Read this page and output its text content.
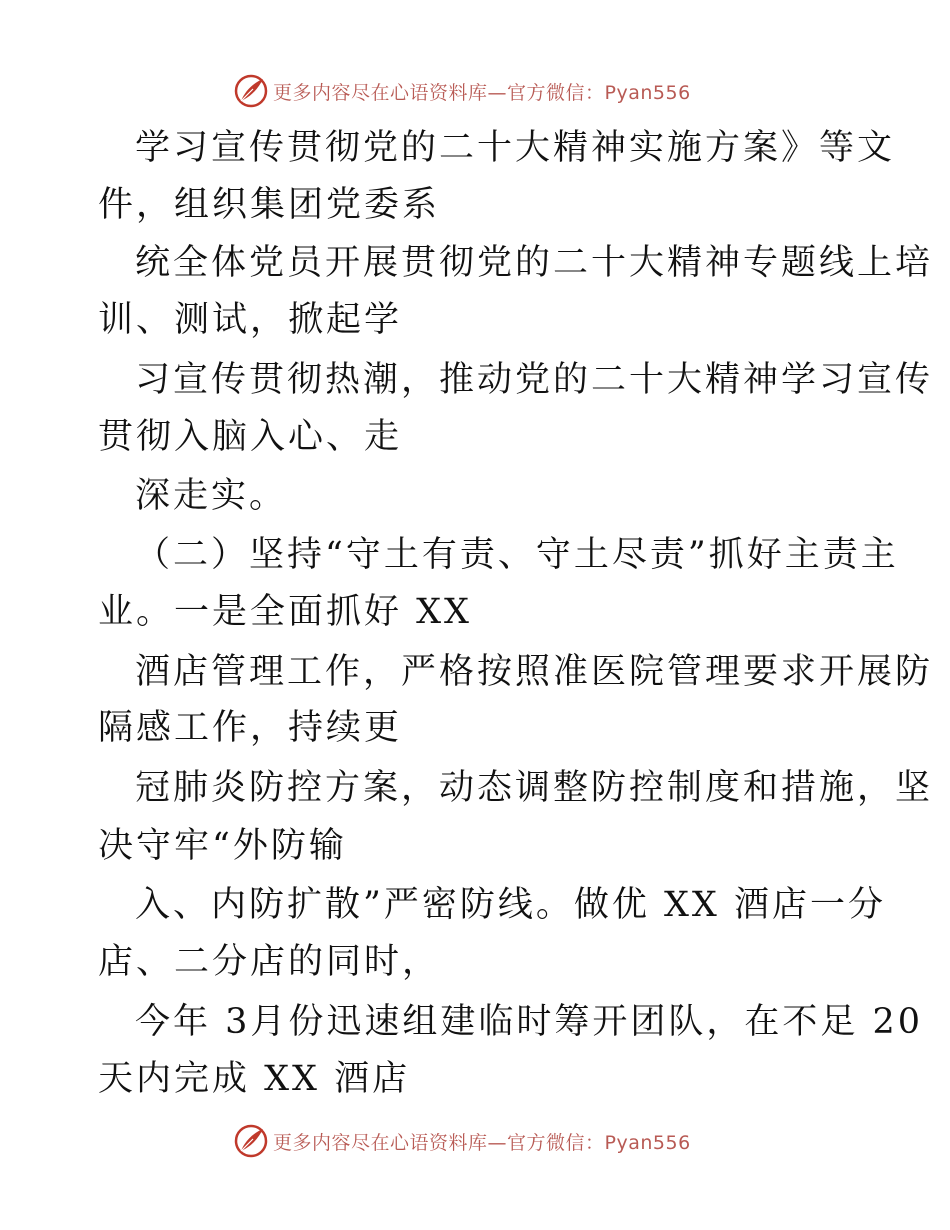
更多内容尽在心语资料库—官方微信：Pyan556
学习宣传贯彻党的二十大精神实施方案》等文
件，组织集团党委系
统全体党员开展贯彻党的二十大精神专题线上培
训、测试，掀起学
习宣传贯彻热潮，推动党的二十大精神学习宣传
贯彻入脑入心、走
深走实。
（二）坚持“守土有责、守土尽责”抓好主责主
业。一是全面抓好 XX
酒店管理工作，严格按照准医院管理要求开展防
隔感工作，持续更
冠肺炎防控方案，动态调整防控制度和措施，坚
决守牢“外防输
入、内防扩散”严密防线。做优 XX 酒店一分
店、二分店的同时，
今年 3月份迅速组建临时筹开团队，在不足 20
天内完成 XX 酒店
更多内容尽在心语资料库—官方微信：Pyan556
